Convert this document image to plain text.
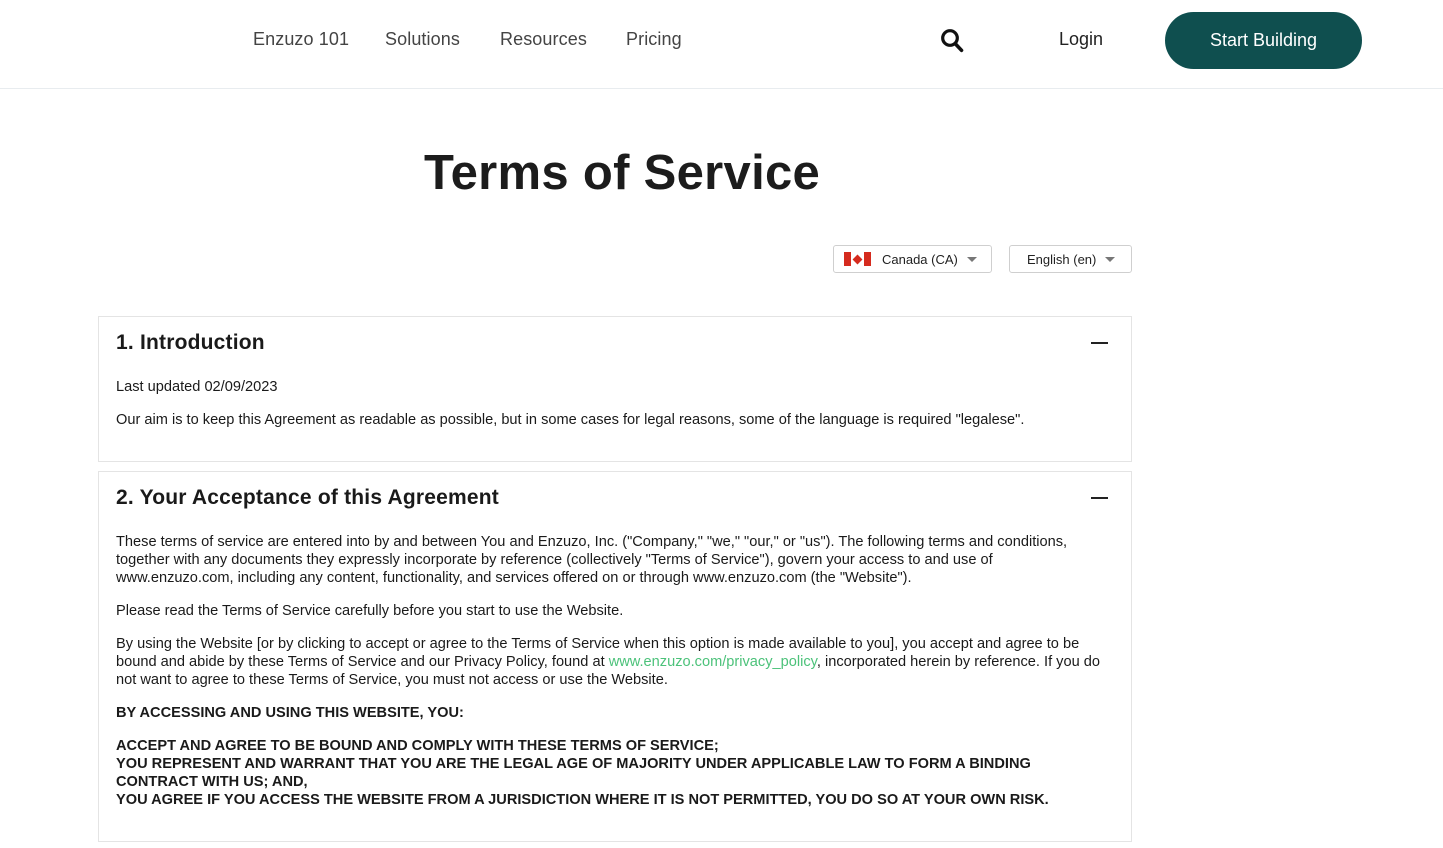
Enzuzo 101 Solutions Resources Pricing	Login	Start Building
Terms of Service
Canada (CA)	English (en)
1. Introduction

Last updated 02/09/2023

Our aim is to keep this Agreement as readable as possible, but in some cases for legal reasons, some of the language is required "legalese".

2. Your Acceptance of this Agreement

These terms of service are entered into by and between You and Enzuzo, Inc. ("Company," "we," "our," or "us"). The following terms and conditions, together with any documents they expressly incorporate by reference (collectively "Terms of Service"), govern your access to and use of www.enzuzo.com, including any content, functionality, and services offered on or through www.enzuzo.com (the "Website").

Please read the Terms of Service carefully before you start to use the Website.

By using the Website [or by clicking to accept or agree to the Terms of Service when this option is made available to you], you accept and agree to be bound and abide by these Terms of Service and our Privacy Policy, found at www.enzuzo.com/privacy_policy, incorporated herein by reference. If you do not want to agree to these Terms of Service, you must not access or use the Website.

BY ACCESSING AND USING THIS WEBSITE, YOU:

ACCEPT AND AGREE TO BE BOUND AND COMPLY WITH THESE TERMS OF SERVICE;
YOU REPRESENT AND WARRANT THAT YOU ARE THE LEGAL AGE OF MAJORITY UNDER APPLICABLE LAW TO FORM A BINDING CONTRACT WITH US; AND,
YOU AGREE IF YOU ACCESS THE WEBSITE FROM A JURISDICTION WHERE IT IS NOT PERMITTED, YOU DO SO AT YOUR OWN RISK.
